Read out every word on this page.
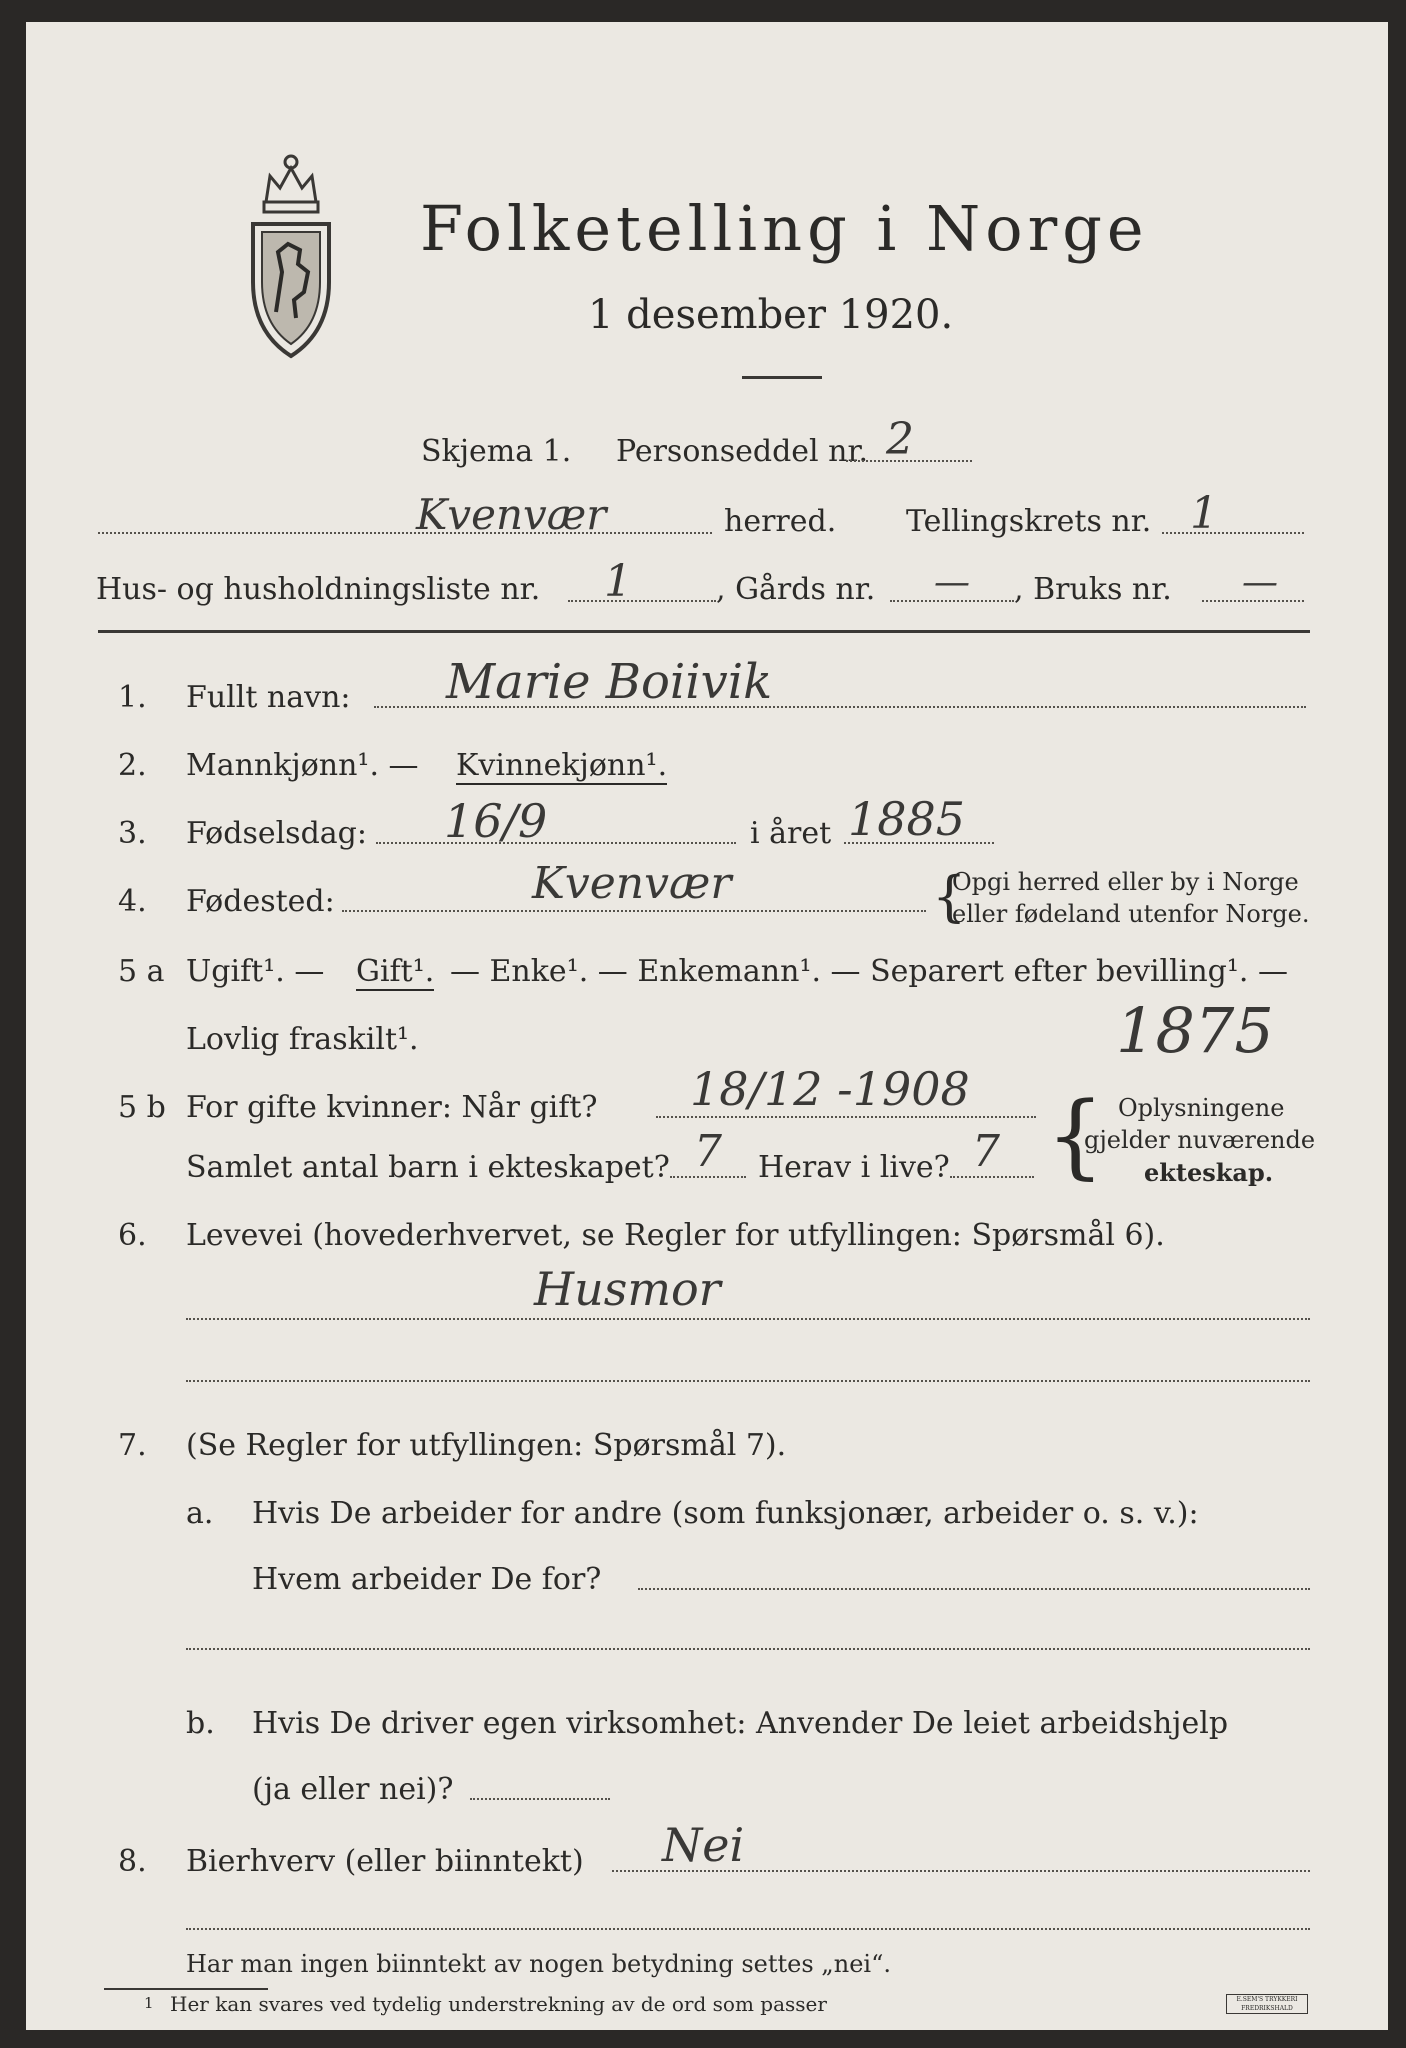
Folketelling i Norge
1 desember 1920.
Skjema 1. Personseddel nr. 2
Kvenvær	herred. Tellingskrets nr. 1
Hus- og husholdningsliste nr. 1	, Gårds nr. — , Bruks nr. —
1. Fullt navn: Marie Boiivik
2. Mannkjønn¹. — Kvinnekjønn¹.
3. Fødselsdag: 16/9	i året 1885
4. Fødested:	Kvenvær	{
Opgi herred eller by i Norge
eller fødeland utenfor Norge.
5 a Ugift¹. — Gift¹. — Enke¹. — Enkemann¹. — Separert efter bevilling¹. —
Lovlig fraskilt¹.	1875
5 b For gifte kvinner: Når gift? 18/12 -1908
Samlet antal barn i ekteskapet? 7 Herav i live? 7 { Oplysningene
gjelder nuværende
ekteskap.
6. Levevei (hovederhvervet, se Regler for utfyllingen: Spørsmål 6).
Husmor
7. (Se Regler for utfyllingen: Spørsmål 7).
a. Hvis De arbeider for andre (som funksjonær, arbeider o. s. v.):
Hvem arbeider De for?
b. Hvis De driver egen virksomhet: Anvender De leiet arbeidshjelp
(ja eller nei)?
8. Bierhverv (eller biinntekt) Nei
Har man ingen biinntekt av nogen betydning settes „nei“.
1 Her kan svares ved tydelig understrekning av de ord som passer	E.SEM'S TRYKKERI FREDRIKSHALD
